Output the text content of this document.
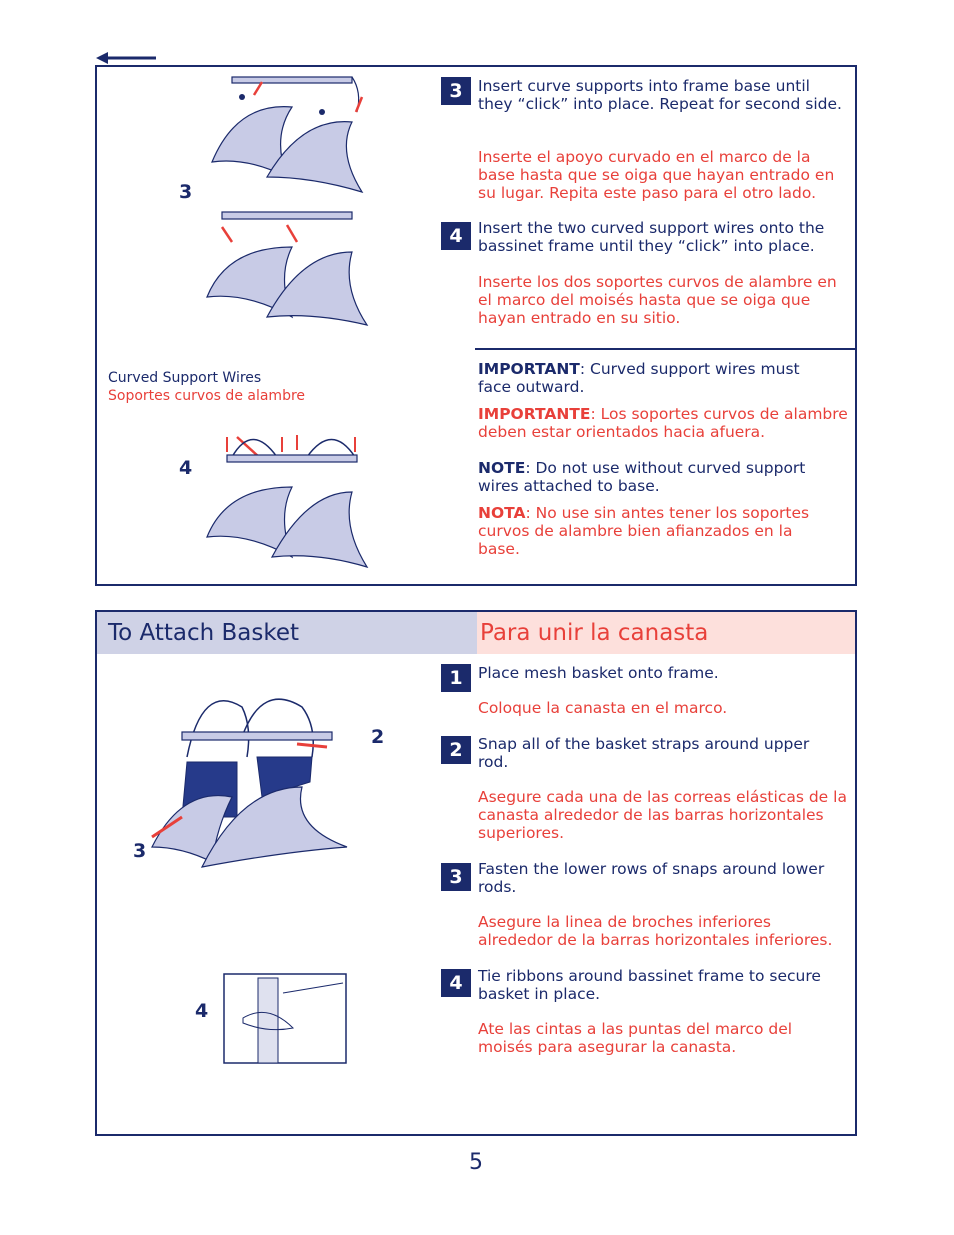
3
Curved Support Wires
Soportes curvos de alambre
4
3 Insert curve supports into frame base until they “click” into place. Repeat for second side.
Inserte el apoyo curvado en el marco de la base hasta que se oiga que hayan entrado en su lugar. Repita este paso para el otro lado.
4 Insert the two curved support wires onto the bassinet frame until they “click” into place.
Inserte los dos soportes curvos de alambre en el marco del moisés hasta que se oiga que hayan entrado en su sitio.
IMPORTANT: Curved support wires must face outward.
IMPORTANTE: Los soportes curvos de alambre deben estar orientados hacia afuera.
NOTE: Do not use without curved support wires attached to base.
NOTA: No use sin antes tener los soportes curvos de alambre bien afianzados en la base.
To Attach Basket	Para unir la canasta
2
3
4
1 Place mesh basket onto frame.
Coloque la canasta en el marco.
2 Snap all of the basket straps around upper rod.
Asegure cada una de las correas elásticas de la canasta alrededor de las barras horizontales superiores.
3 Fasten the lower rows of snaps around lower rods.
Asegure la linea de broches inferiores alrededor de la barras horizontales inferiores.
4 Tie ribbons around bassinet frame to secure basket in place.
Ate las cintas a las puntas del marco del moisés para asegurar la canasta.
5
